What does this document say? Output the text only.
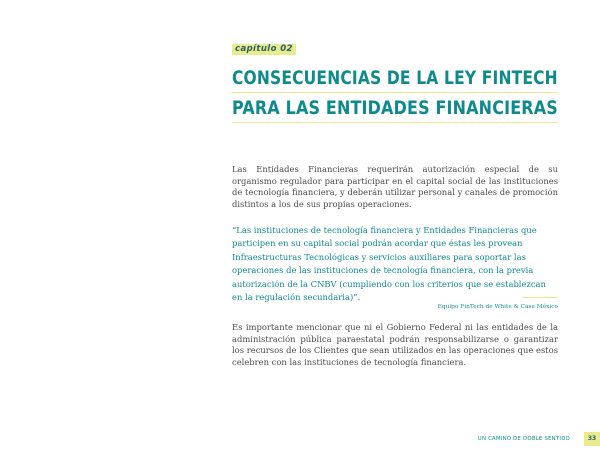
capítulo 02
CONSECUENCIAS DE LA LEY FINTECH
PARA LAS ENTIDADES FINANCIERAS

Las Entidades Financieras requerirán autorización especial de su organismo regulador para participar en el capital social de las instituciones de tecnología financiera, y deberán utilizar personal y canales de promoción distintos a los de sus propias operaciones.

“Las instituciones de tecnología financiera y Entidades Financieras que participen en su capital social podrán acordar que éstas les provean Infraestructuras Tecnológicas y servicios auxiliares para soportar las operaciones de las instituciones de tecnología financiera, con la previa autorización de la CNBV (cumpliendo con los criterios que se establezcan en la regulación secundaria)”.

Equipo FinTech de White & Case México

Es importante mencionar que ni el Gobierno Federal ni las entidades de la administración pública paraestatal podrán responsabilizarse o garantizar los recursos de los Clientes que sean utilizados en las operaciones que estos celebren con las instituciones de tecnología financiera.

UN CAMINO DE DOBLE SENTIDO	33
